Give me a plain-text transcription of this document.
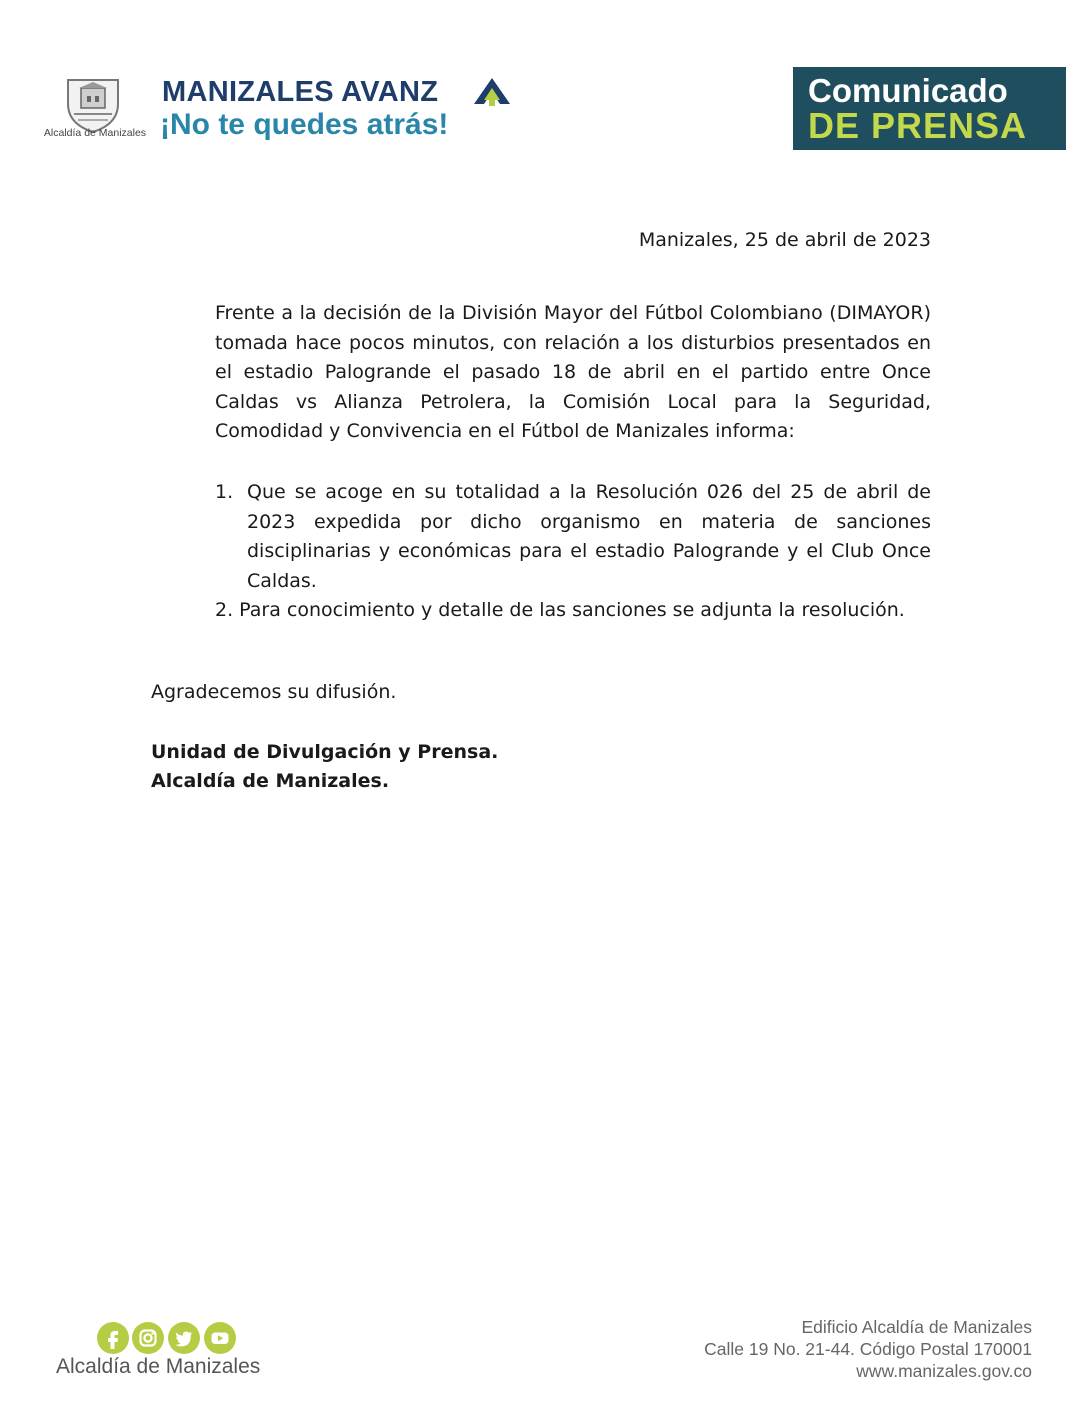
Alcaldía de Manizales
MANIZALES AVANZ
¡No te quedes atrás!
Comunicado
DE PRENSA
Manizales, 25 de abril de 2023
Frente a la decisión de la División Mayor del Fútbol Colombiano (DIMAYOR) tomada hace pocos minutos, con relación a los disturbios presentados en el estadio Palogrande el pasado 18 de abril en el partido entre Once Caldas vs Alianza Petrolera, la Comisión Local para la Seguridad, Comodidad y Convivencia en el Fútbol de Manizales informa:
1. Que se acoge en su totalidad a la Resolución 026 del 25 de abril de 2023 expedida por dicho organismo en materia de sanciones disciplinarias y económicas para el estadio Palogrande y el Club Once Caldas.
2. Para conocimiento y detalle de las sanciones se adjunta la resolución.
Agradecemos su difusión.
Unidad de Divulgación y Prensa.
Alcaldía de Manizales.
Alcaldía de Manizales
Edificio Alcaldía de Manizales
Calle 19 No. 21-44. Código Postal 170001
www.manizales.gov.co
